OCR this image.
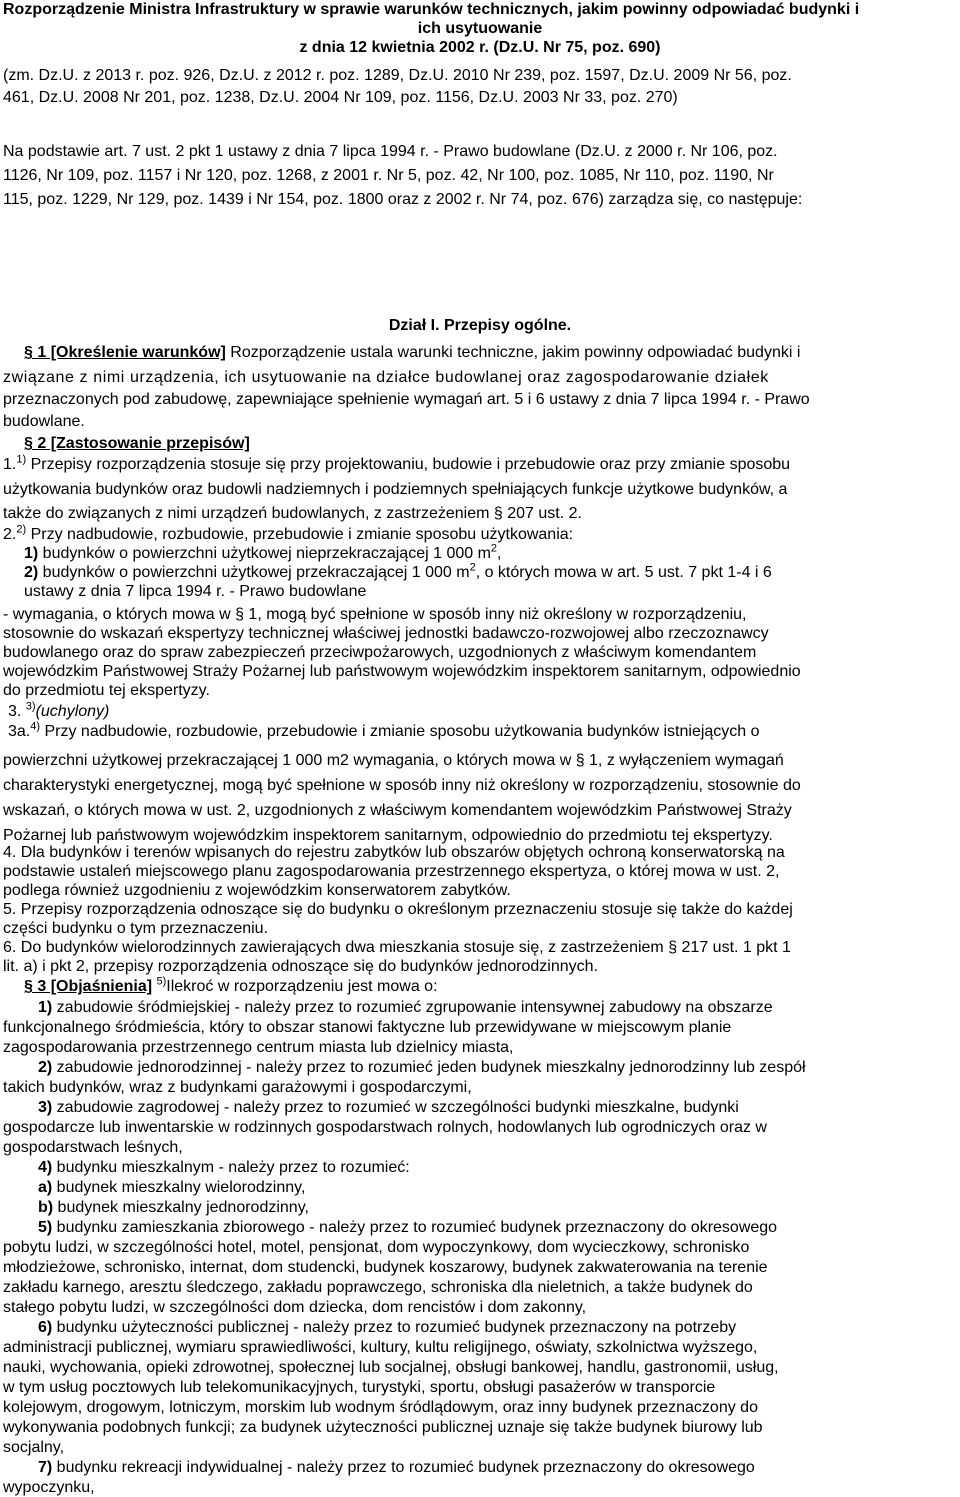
Rozporządzenie Ministra Infrastruktury w sprawie warunków technicznych, jakim powinny odpowiadać budynki i
ich usytuowanie
z dnia 12 kwietnia 2002 r. (Dz.U. Nr 75, poz. 690)
(zm. Dz.U. z 2013 r. poz. 926, Dz.U. z 2012 r. poz. 1289, Dz.U. 2010 Nr 239, poz. 1597, Dz.U. 2009 Nr 56, poz.
461, Dz.U. 2008 Nr 201, poz. 1238, Dz.U. 2004 Nr 109, poz. 1156, Dz.U. 2003 Nr 33, poz. 270)
Na podstawie art. 7 ust. 2 pkt 1 ustawy z dnia 7 lipca 1994 r. - Prawo budowlane (Dz.U. z 2000 r. Nr 106, poz.
1126, Nr 109, poz. 1157 i Nr 120, poz. 1268, z 2001 r. Nr 5, poz. 42, Nr 100, poz. 1085, Nr 110, poz. 1190, Nr
115, poz. 1229, Nr 129, poz. 1439 i Nr 154, poz. 1800 oraz z 2002 r. Nr 74, poz. 676) zarządza się, co następuje:
Dział I. Przepisy ogólne.
§ 1 [Określenie warunków] Rozporządzenie ustala warunki techniczne, jakim powinny odpowiadać budynki i
związane z nimi urządzenia, ich usytuowanie na działce budowlanej oraz zagospodarowanie działek
przeznaczonych pod zabudowę, zapewniające spełnienie wymagań art. 5 i 6 ustawy z dnia 7 lipca 1994 r. - Prawo
budowlane.
§ 2 [Zastosowanie przepisów]
1.$^{1)}$ Przepisy rozporządzenia stosuje się przy projektowaniu, budowie i przebudowie oraz przy zmianie sposobu
użytkowania budynków oraz budowli nadziemnych i podziemnych spełniających funkcje użytkowe budynków, a
także do związanych z nimi urządzeń budowlanych, z zastrzeżeniem § 207 ust. 2.
2.$^{2)}$ Przy nadbudowie, rozbudowie, przebudowie i zmianie sposobu użytkowania:
1) budynków o powierzchni użytkowej nieprzekraczającej 1 000 $m^2$,
2) budynków o powierzchni użytkowej przekraczającej 1 000 $m^2$, o których mowa w art. 5 ust. 7 pkt 1-4 i 6
ustawy z dnia 7 lipca 1994 r. - Prawo budowlane
- wymagania, o których mowa w § 1, mogą być spełnione w sposób inny niż określony w rozporządzeniu,
stosownie do wskazań ekspertyzy technicznej właściwej jednostki badawczo-rozwojowej albo rzeczoznawcy
budowlanego oraz do spraw zabezpieczeń przeciwpożarowych, uzgodnionych z właściwym komendantem
wojewódzkim Państwowej Straży Pożarnej lub państwowym wojewódzkim inspektorem sanitarnym, odpowiednio
do przedmiotu tej ekspertyzy.
3. $^{3)}$(uchylony)
3a.$^{4)}$ Przy nadbudowie, rozbudowie, przebudowie i zmianie sposobu użytkowania budynków istniejących o
powierzchni użytkowej przekraczającej 1 000 m2 wymagania, o których mowa w § 1, z wyłączeniem wymagań
charakterystyki energetycznej, mogą być spełnione w sposób inny niż określony w rozporządzeniu, stosownie do
wskazań, o których mowa w ust. 2, uzgodnionych z właściwym komendantem wojewódzkim Państwowej Straży
Pożarnej lub państwowym wojewódzkim inspektorem sanitarnym, odpowiednio do przedmiotu tej ekspertyzy.
4. Dla budynków i terenów wpisanych do rejestru zabytków lub obszarów objętych ochroną konserwatorską na
podstawie ustaleń miejscowego planu zagospodarowania przestrzennego ekspertyza, o której mowa w ust. 2,
podlega również uzgodnieniu z wojewódzkim konserwatorem zabytków.
5. Przepisy rozporządzenia odnoszące się do budynku o określonym przeznaczeniu stosuje się także do każdej
części budynku o tym przeznaczeniu.
6. Do budynków wielorodzinnych zawierających dwa mieszkania stosuje się, z zastrzeżeniem § 217 ust. 1 pkt 1
lit. a) i pkt 2, przepisy rozporządzenia odnoszące się do budynków jednorodzinnych.
§ 3 [Objaśnienia] $^{5)}$Ilekroć w rozporządzeniu jest mowa o:
1) zabudowie śródmiejskiej - należy przez to rozumieć zgrupowanie intensywnej zabudowy na obszarze
funkcjonalnego śródmieścia, który to obszar stanowi faktyczne lub przewidywane w miejscowym planie
zagospodarowania przestrzennego centrum miasta lub dzielnicy miasta,
2) zabudowie jednorodzinnej - należy przez to rozumieć jeden budynek mieszkalny jednorodzinny lub zespół
takich budynków, wraz z budynkami garażowymi i gospodarczymi,
3) zabudowie zagrodowej - należy przez to rozumieć w szczególności budynki mieszkalne, budynki
gospodarcze lub inwentarskie w rodzinnych gospodarstwach rolnych, hodowlanych lub ogrodniczych oraz w
gospodarstwach leśnych,
4) budynku mieszkalnym - należy przez to rozumieć:
a) budynek mieszkalny wielorodzinny,
b) budynek mieszkalny jednorodzinny,
5) budynku zamieszkania zbiorowego - należy przez to rozumieć budynek przeznaczony do okresowego
pobytu ludzi, w szczególności hotel, motel, pensjonat, dom wypoczynkowy, dom wycieczkowy, schronisko
młodzieżowe, schronisko, internat, dom studencki, budynek koszarowy, budynek zakwaterowania na terenie
zakładu karnego, aresztu śledczego, zakładu poprawczego, schroniska dla nieletnich, a także budynek do
stałego pobytu ludzi, w szczególności dom dziecka, dom rencistów i dom zakonny,
6) budynku użyteczności publicznej - należy przez to rozumieć budynek przeznaczony na potrzeby
administracji publicznej, wymiaru sprawiedliwości, kultury, kultu religijnego, oświaty, szkolnictwa wyższego,
nauki, wychowania, opieki zdrowotnej, społecznej lub socjalnej, obsługi bankowej, handlu, gastronomii, usług,
w tym usług pocztowych lub telekomunikacyjnych, turystyki, sportu, obsługi pasażerów w transporcie
kolejowym, drogowym, lotniczym, morskim lub wodnym śródlądowym, oraz inny budynek przeznaczony do
wykonywania podobnych funkcji; za budynek użyteczności publicznej uznaje się także budynek biurowy lub
socjalny,
7) budynku rekreacji indywidualnej - należy przez to rozumieć budynek przeznaczony do okresowego
wypoczynku,
